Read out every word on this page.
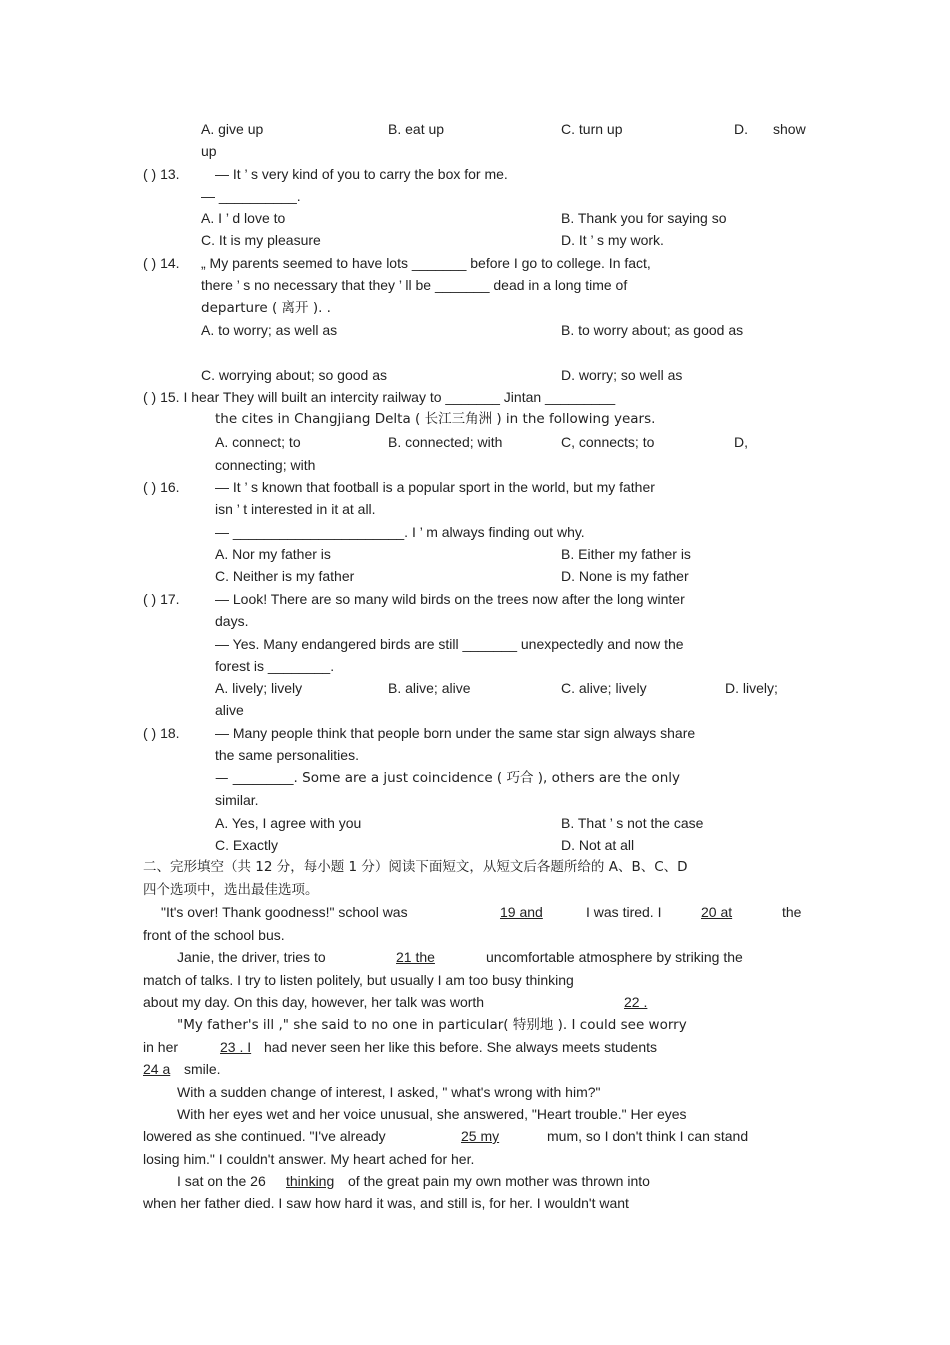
A. give up	B. eat up	C. turn up	D. show
up
( ) 13.	— It ’ s very kind of you to carry the box for me.
— __________.
A. I ’ d love to	B. Thank you for saying so
C. It is my pleasure	D. It ’ s my work.
( ) 14. „ My parents seemed to have lots _______ before I go to college. In fact,
there ’ s no necessary that they ’ ll be _______ dead in a long time of
departure ( 离开 ). .
A. to worry; as well as	B. to worry about; as good as
C. worrying about; so good as	D. worry; so well as
( ) 15. I hear They will built an intercity railway to _______ Jintan _________
the cites in Changjiang Delta ( 长江三角洲 ) in the following years.
A. connect; to	B. connected; with	C, connects; to	D,
connecting; with
( ) 16.	— It ’ s known that football is a popular sport in the world, but my father
isn ’ t interested in it at all.
— ______________________. I ’ m always finding out why.
A. Nor my father is	B. Either my father is
C. Neither is my father	D. None is my father
( ) 17.	— Look! There are so many wild birds on the trees now after the long winter
days.
— Yes. Many endangered birds are still _______ unexpectedly and now the
forest is ________.
A. lively; lively	B. alive; alive	C. alive; lively	D. lively;
alive
( ) 18.	— Many people think that people born under the same star sign always share
the same personalities.
— _________. Some are a just coincidence ( 巧合 ), others are the only
similar.
A. Yes, I agree with you	B. That ’ s not the case
C. Exactly	D. Not at all
二、完形填空（共 12 分，每小题 1 分）阅读下面短文，从短文后各题所给的 A、B、C、D
四个选项中，选出最佳选项。
"It's over! Thank goodness!" school was	19 and	I was tired. I	20 at	the
front of the school bus.
Janie, the driver, tries to	21 the	uncomfortable atmosphere by striking the
match of talks. I try to listen politely, but usually I am too busy thinking
about my day. On this day, however, her talk was worth	22 .
"My father's ill ," she said to no one in particular( 特别地 ). I could see worry
in her	23 . I had never seen her like this before. She always meets students
24 a smile.
With a sudden change of interest, I asked, " what's wrong with him?"
With her eyes wet and her voice unusual, she answered, "Heart trouble." Her eyes
lowered as she continued. "I've already	25 my	mum, so I don't think I can stand
losing him." I couldn't answer. My heart ached for her.
I sat on the 26 thinking of the great pain my own mother was thrown into
when her father died. I saw how hard it was, and still is, for her. I wouldn't want
